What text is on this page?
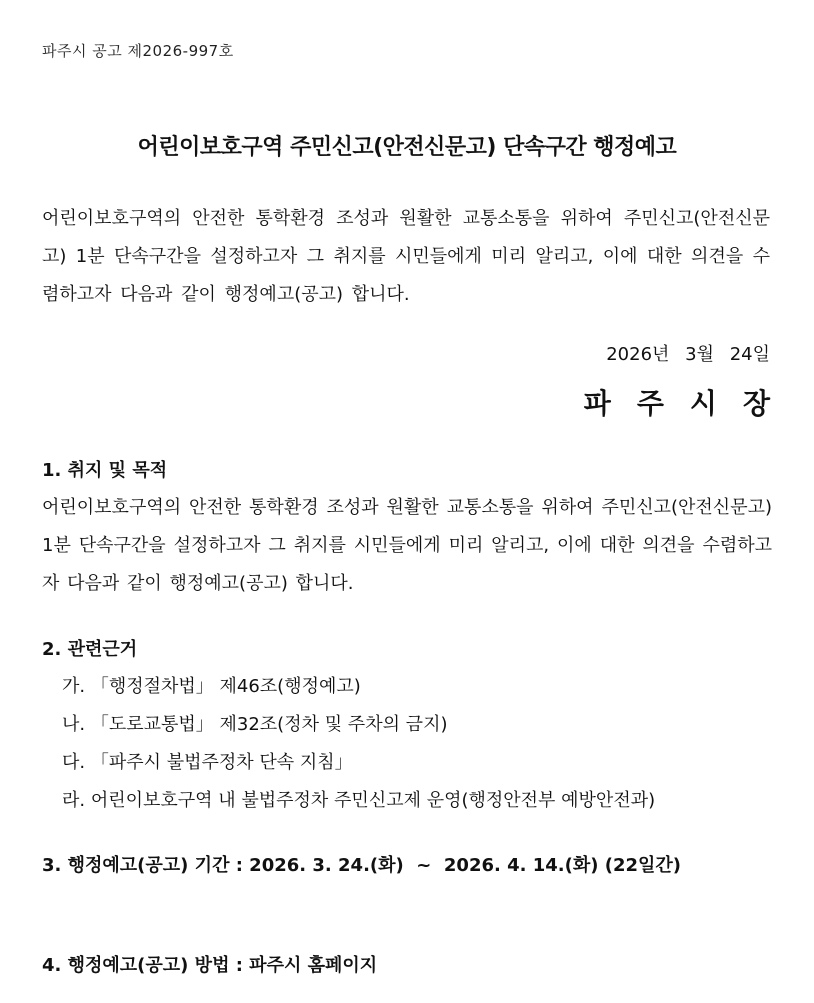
파주시 공고 제2026-997호
어린이보호구역 주민신고(안전신문고) 단속구간 행정예고
어린이보호구역의 안전한 통학환경 조성과 원활한 교통소통을 위하여 주민신고(안전신문고) 1분 단속구간을 설정하고자 그 취지를 시민들에게 미리 알리고, 이에 대한 의견을 수렴하고자 다음과 같이 행정예고(공고) 합니다.
2026년 3월 24일
파주시장
1. 취지 및 목적
어린이보호구역의 안전한 통학환경 조성과 원활한 교통소통을 위하여 주민신고(안전신문고) 1분 단속구간을 설정하고자 그 취지를 시민들에게 미리 알리고, 이에 대한 의견을 수렴하고자 다음과 같이 행정예고(공고) 합니다.
2. 관련근거
가. 「행정절차법」 제46조(행정예고)
나. 「도로교통법」 제32조(정차 및 주차의 금지)
다. 「파주시 불법주정차 단속 지침」
라. 어린이보호구역 내 불법주정차 주민신고제 운영(행정안전부 예방안전과)
3. 행정예고(공고) 기간 : 2026. 3. 24.(화)  ~  2026. 4. 14.(화) (22일간)
4. 행정예고(공고) 방법 : 파주시 홈페이지
